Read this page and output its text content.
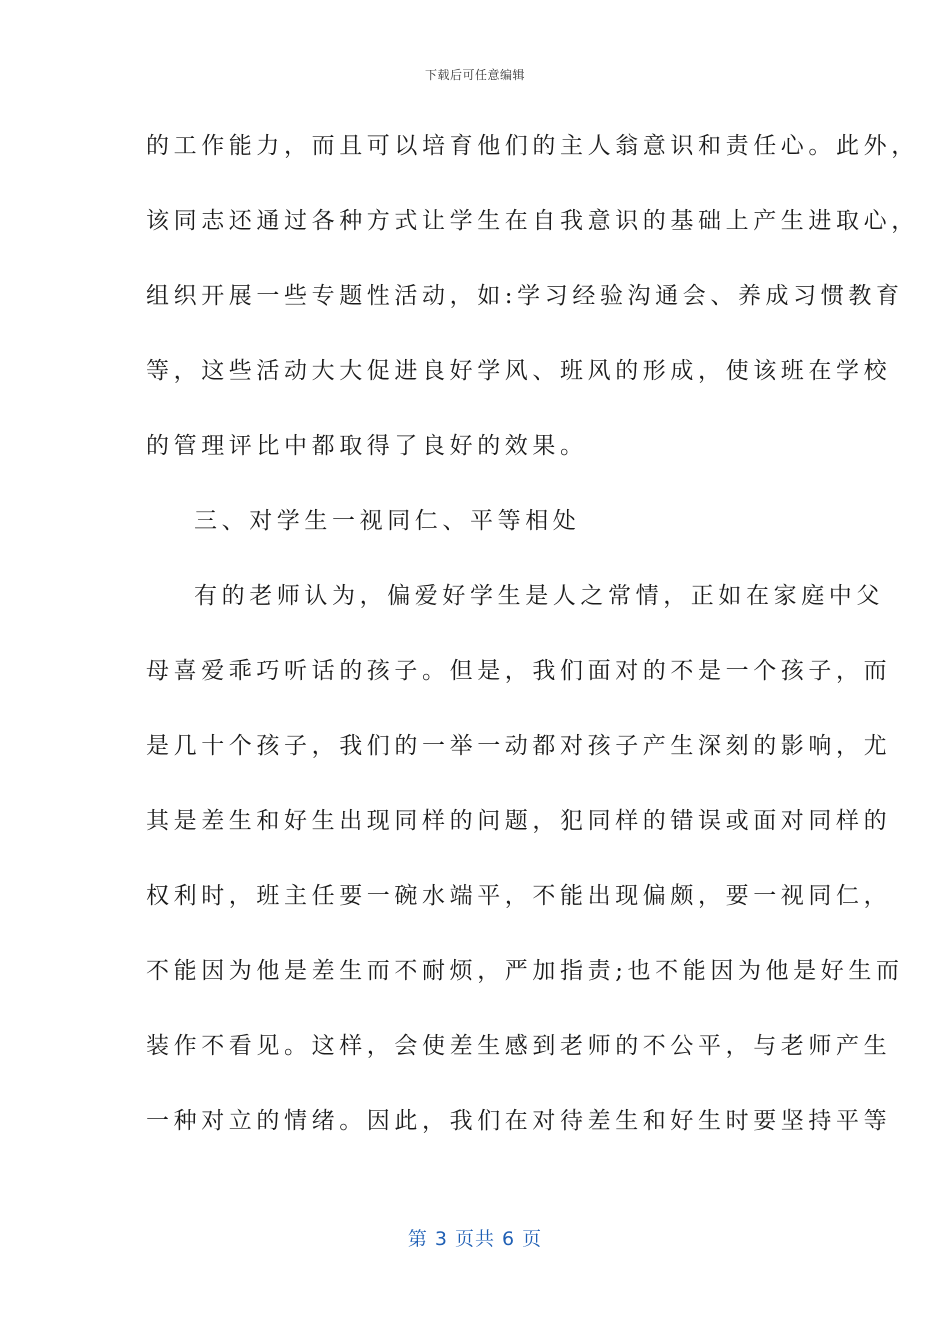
下载后可任意编辑
的工作能力，而且可以培育他们的主人翁意识和责任心。此外，
该同志还通过各种方式让学生在自我意识的基础上产生进取心，
组织开展一些专题性活动，如:学习经验沟通会、养成习惯教育
等，这些活动大大促进良好学风、班风的形成，使该班在学校
的管理评比中都取得了良好的效果。
三、对学生一视同仁、平等相处
有的老师认为，偏爱好学生是人之常情，正如在家庭中父
母喜爱乖巧听话的孩子。但是，我们面对的不是一个孩子，而
是几十个孩子，我们的一举一动都对孩子产生深刻的影响，尤
其是差生和好生出现同样的问题，犯同样的错误或面对同样的
权利时，班主任要一碗水端平，不能出现偏颇，要一视同仁，
不能因为他是差生而不耐烦，严加指责;也不能因为他是好生而
装作不看见。这样，会使差生感到老师的不公平，与老师产生
一种对立的情绪。因此，我们在对待差生和好生时要坚持平等
第 3 页共 6 页
